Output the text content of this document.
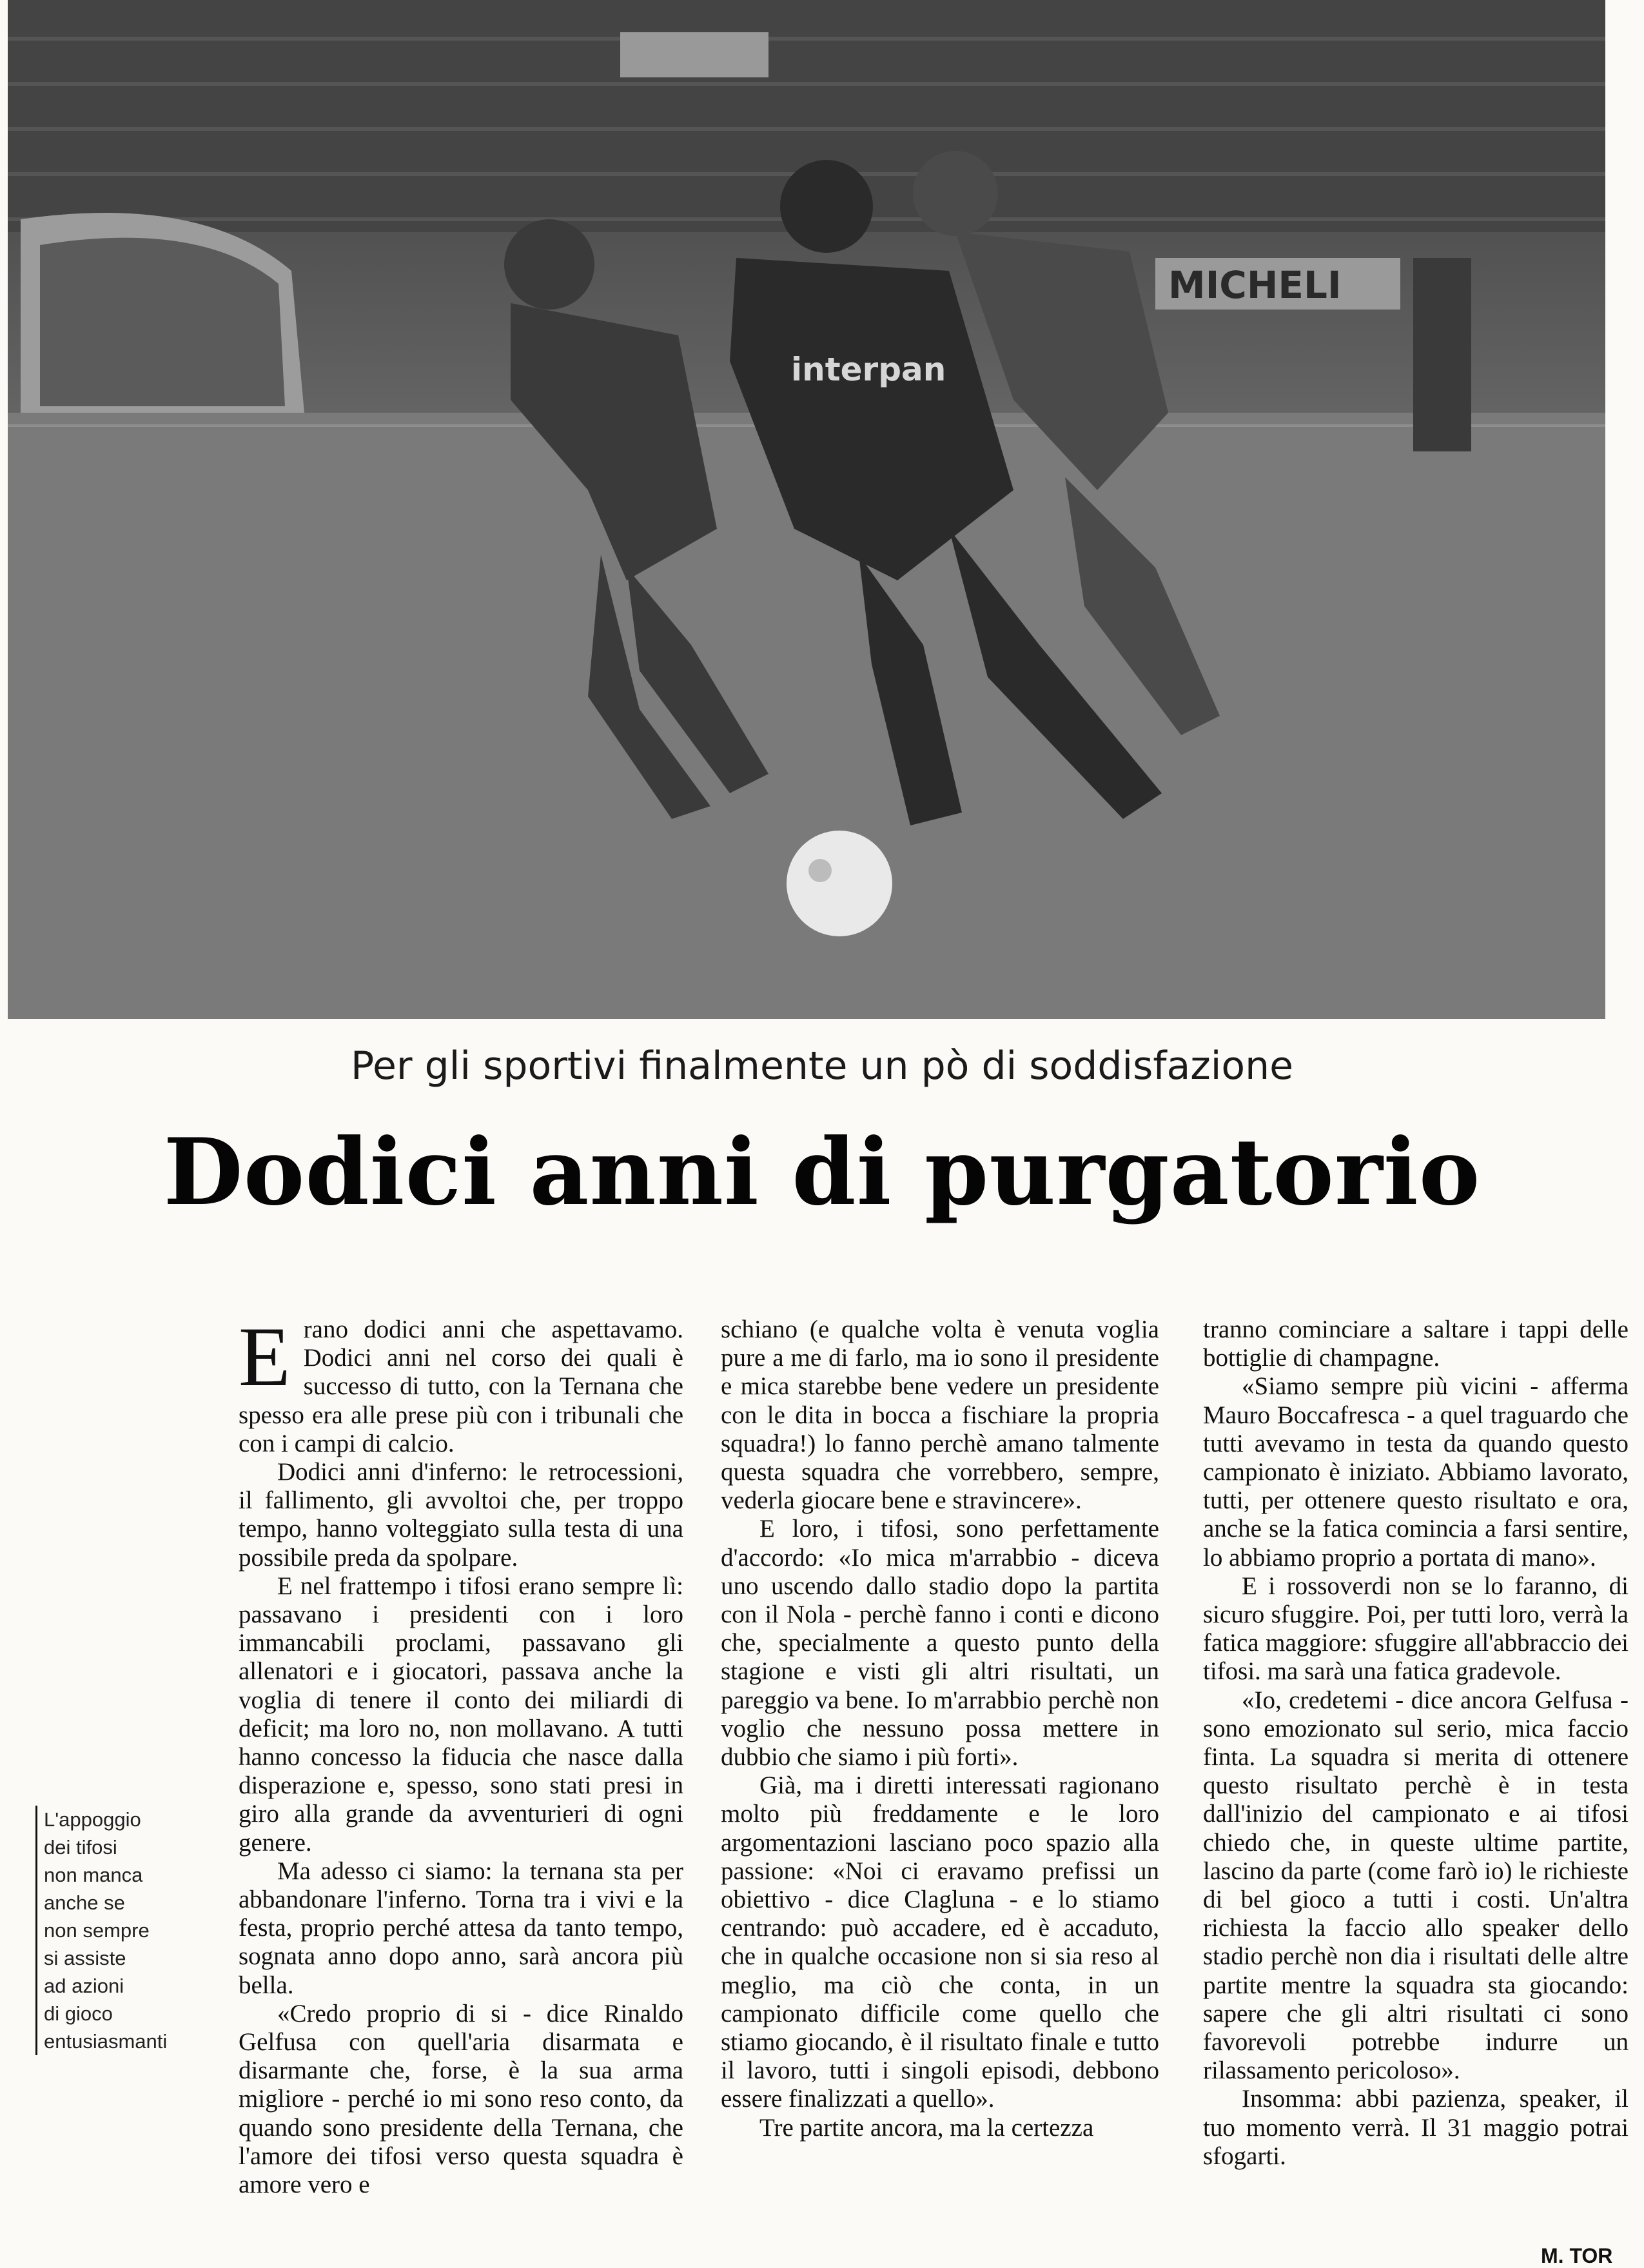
MICHELI
interpan
Per gli sportivi finalmente un pò di soddisfazione
Dodici anni di purgatorio
L'appoggio
dei tifosi
non manca
anche se
non sempre
si assiste
ad azioni
di gioco
entusiasmanti

Erano dodici anni che aspettavamo. Dodici anni nel corso dei quali è successo di tutto, con la Ternana che spesso era alle prese più con i tribunali che con i campi di calcio.

Dodici anni d'inferno: le retrocessioni, il fallimento, gli avvoltoi che, per troppo tempo, hanno volteggiato sulla testa di una possibile preda da spolpare.

E nel frattempo i tifosi erano sempre lì: passavano i presidenti con i loro immancabili proclami, passavano gli allenatori e i giocatori, passava anche la voglia di tenere il conto dei miliardi di deficit; ma loro no, non mollavano. A tutti hanno concesso la fiducia che nasce dalla disperazione e, spesso, sono stati presi in giro alla grande da avventurieri di ogni genere.

Ma adesso ci siamo: la ternana sta per abbandonare l'inferno. Torna tra i vivi e la festa, proprio perché attesa da tanto tempo, sognata anno dopo anno, sarà ancora più bella.

«Credo proprio di si - dice Rinaldo Gelfusa con quell'aria disarmata e disarmante che, forse, è la sua arma migliore - perché io mi sono reso conto, da quando sono presidente della Ternana, che l'amore dei tifosi verso questa squadra è amore vero e

schiano (e qualche volta è venuta voglia pure a me di farlo, ma io sono il presidente e mica starebbe bene vedere un presidente con le dita in bocca a fischiare la propria squadra!) lo fanno perchè amano talmente questa squadra che vorrebbero, sempre, vederla giocare bene e stravincere».

E loro, i tifosi, sono perfettamente d'accordo: «Io mica m'arrabbio - diceva uno uscendo dallo stadio dopo la partita con il Nola - perchè fanno i conti e dicono che, specialmente a questo punto della stagione e visti gli altri risultati, un pareggio va bene. Io m'arrabbio perchè non voglio che nessuno possa mettere in dubbio che siamo i più forti».

Già, ma i diretti interessati ragionano molto più freddamente e le loro argomentazioni lasciano poco spazio alla passione: «Noi ci eravamo prefissi un obiettivo - dice Clagluna - e lo stiamo centrando: può accadere, ed è accaduto, che in qualche occasione non si sia reso al meglio, ma ciò che conta, in un campionato difficile come quello che stiamo giocando, è il risultato finale e tutto il lavoro, tutti i singoli episodi, debbono essere finalizzati a quello».

Tre partite ancora, ma la certezza

tranno cominciare a saltare i tappi delle bottiglie di champagne.

«Siamo sempre più vicini - afferma Mauro Boccafresca - a quel traguardo che tutti avevamo in testa da quando questo campionato è iniziato. Abbiamo lavorato, tutti, per ottenere questo risultato e ora, anche se la fatica comincia a farsi sentire, lo abbiamo proprio a portata di mano».

E i rossoverdi non se lo faranno, di sicuro sfuggire. Poi, per tutti loro, verrà la fatica maggiore: sfuggire all'abbraccio dei tifosi. ma sarà una fatica gradevole.

«Io, credetemi - dice ancora Gelfusa - sono emozionato sul serio, mica faccio finta. La squadra si merita di ottenere questo risultato perchè è in testa dall'inizio del campionato e ai tifosi chiedo che, in queste ultime partite, lascino da parte (come farò io) le richieste di bel gioco a tutti i costi. Un'altra richiesta la faccio allo speaker dello stadio perchè non dia i risultati delle altre partite mentre la squadra sta giocando: sapere che gli altri risultati ci sono favorevoli potrebbe indurre un rilassamento pericoloso».

Insomma: abbi pazienza, speaker, il tuo momento verrà. Il 31 maggio potrai sfogarti.

M. TOR
